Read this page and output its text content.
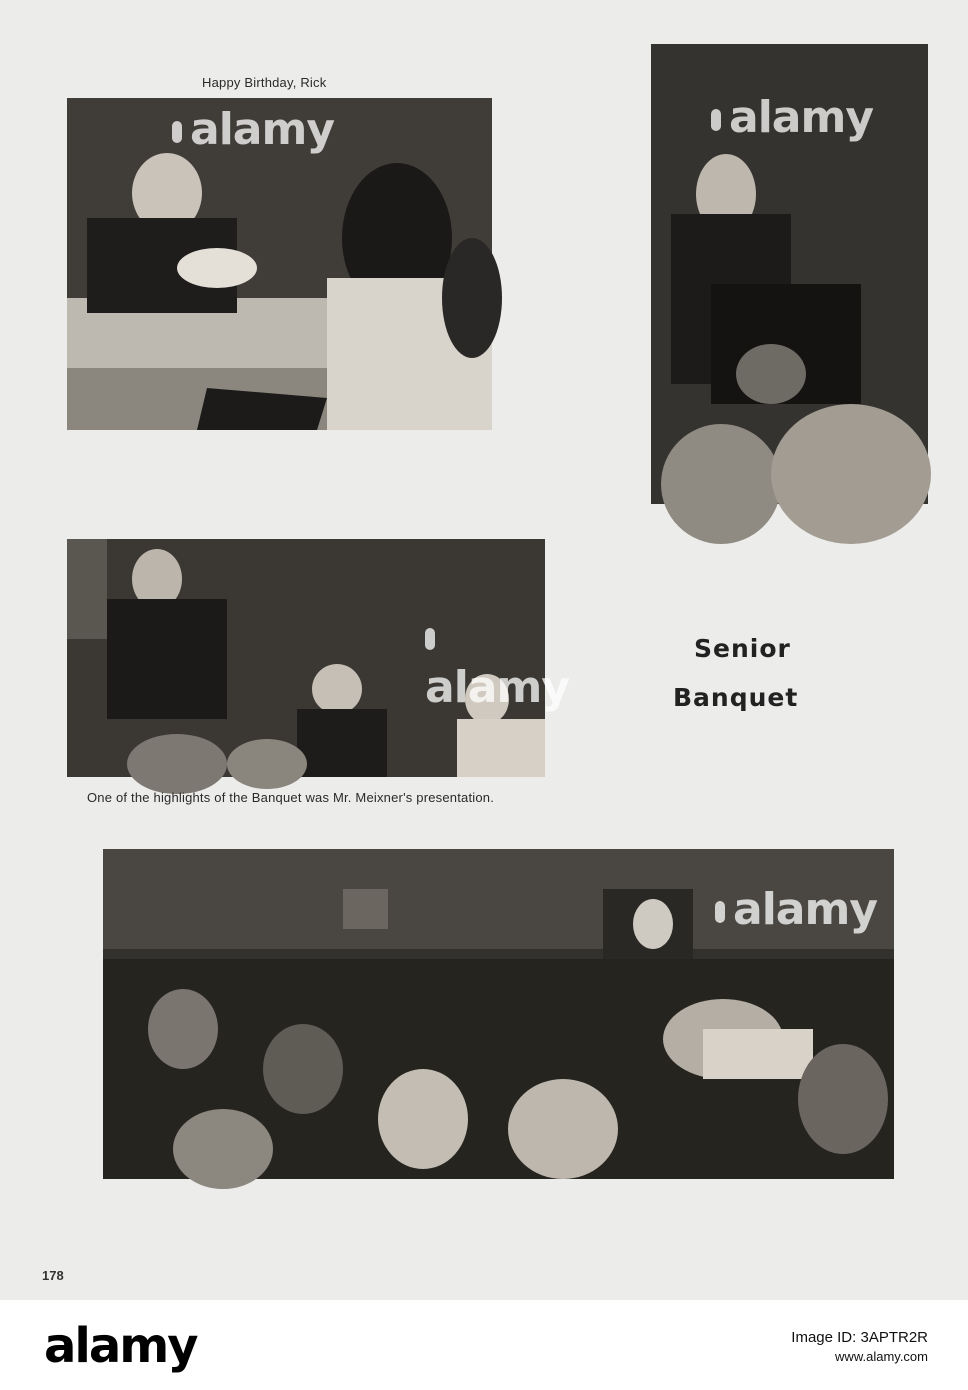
Happy Birthday, Rick
alamy	alamy
alamy
One of the highlights of the Banquet was Mr. Meixner's presentation.
Senior
Banquet
alamy
178
alamy	Image ID: 3APTR2R
www.alamy.com
